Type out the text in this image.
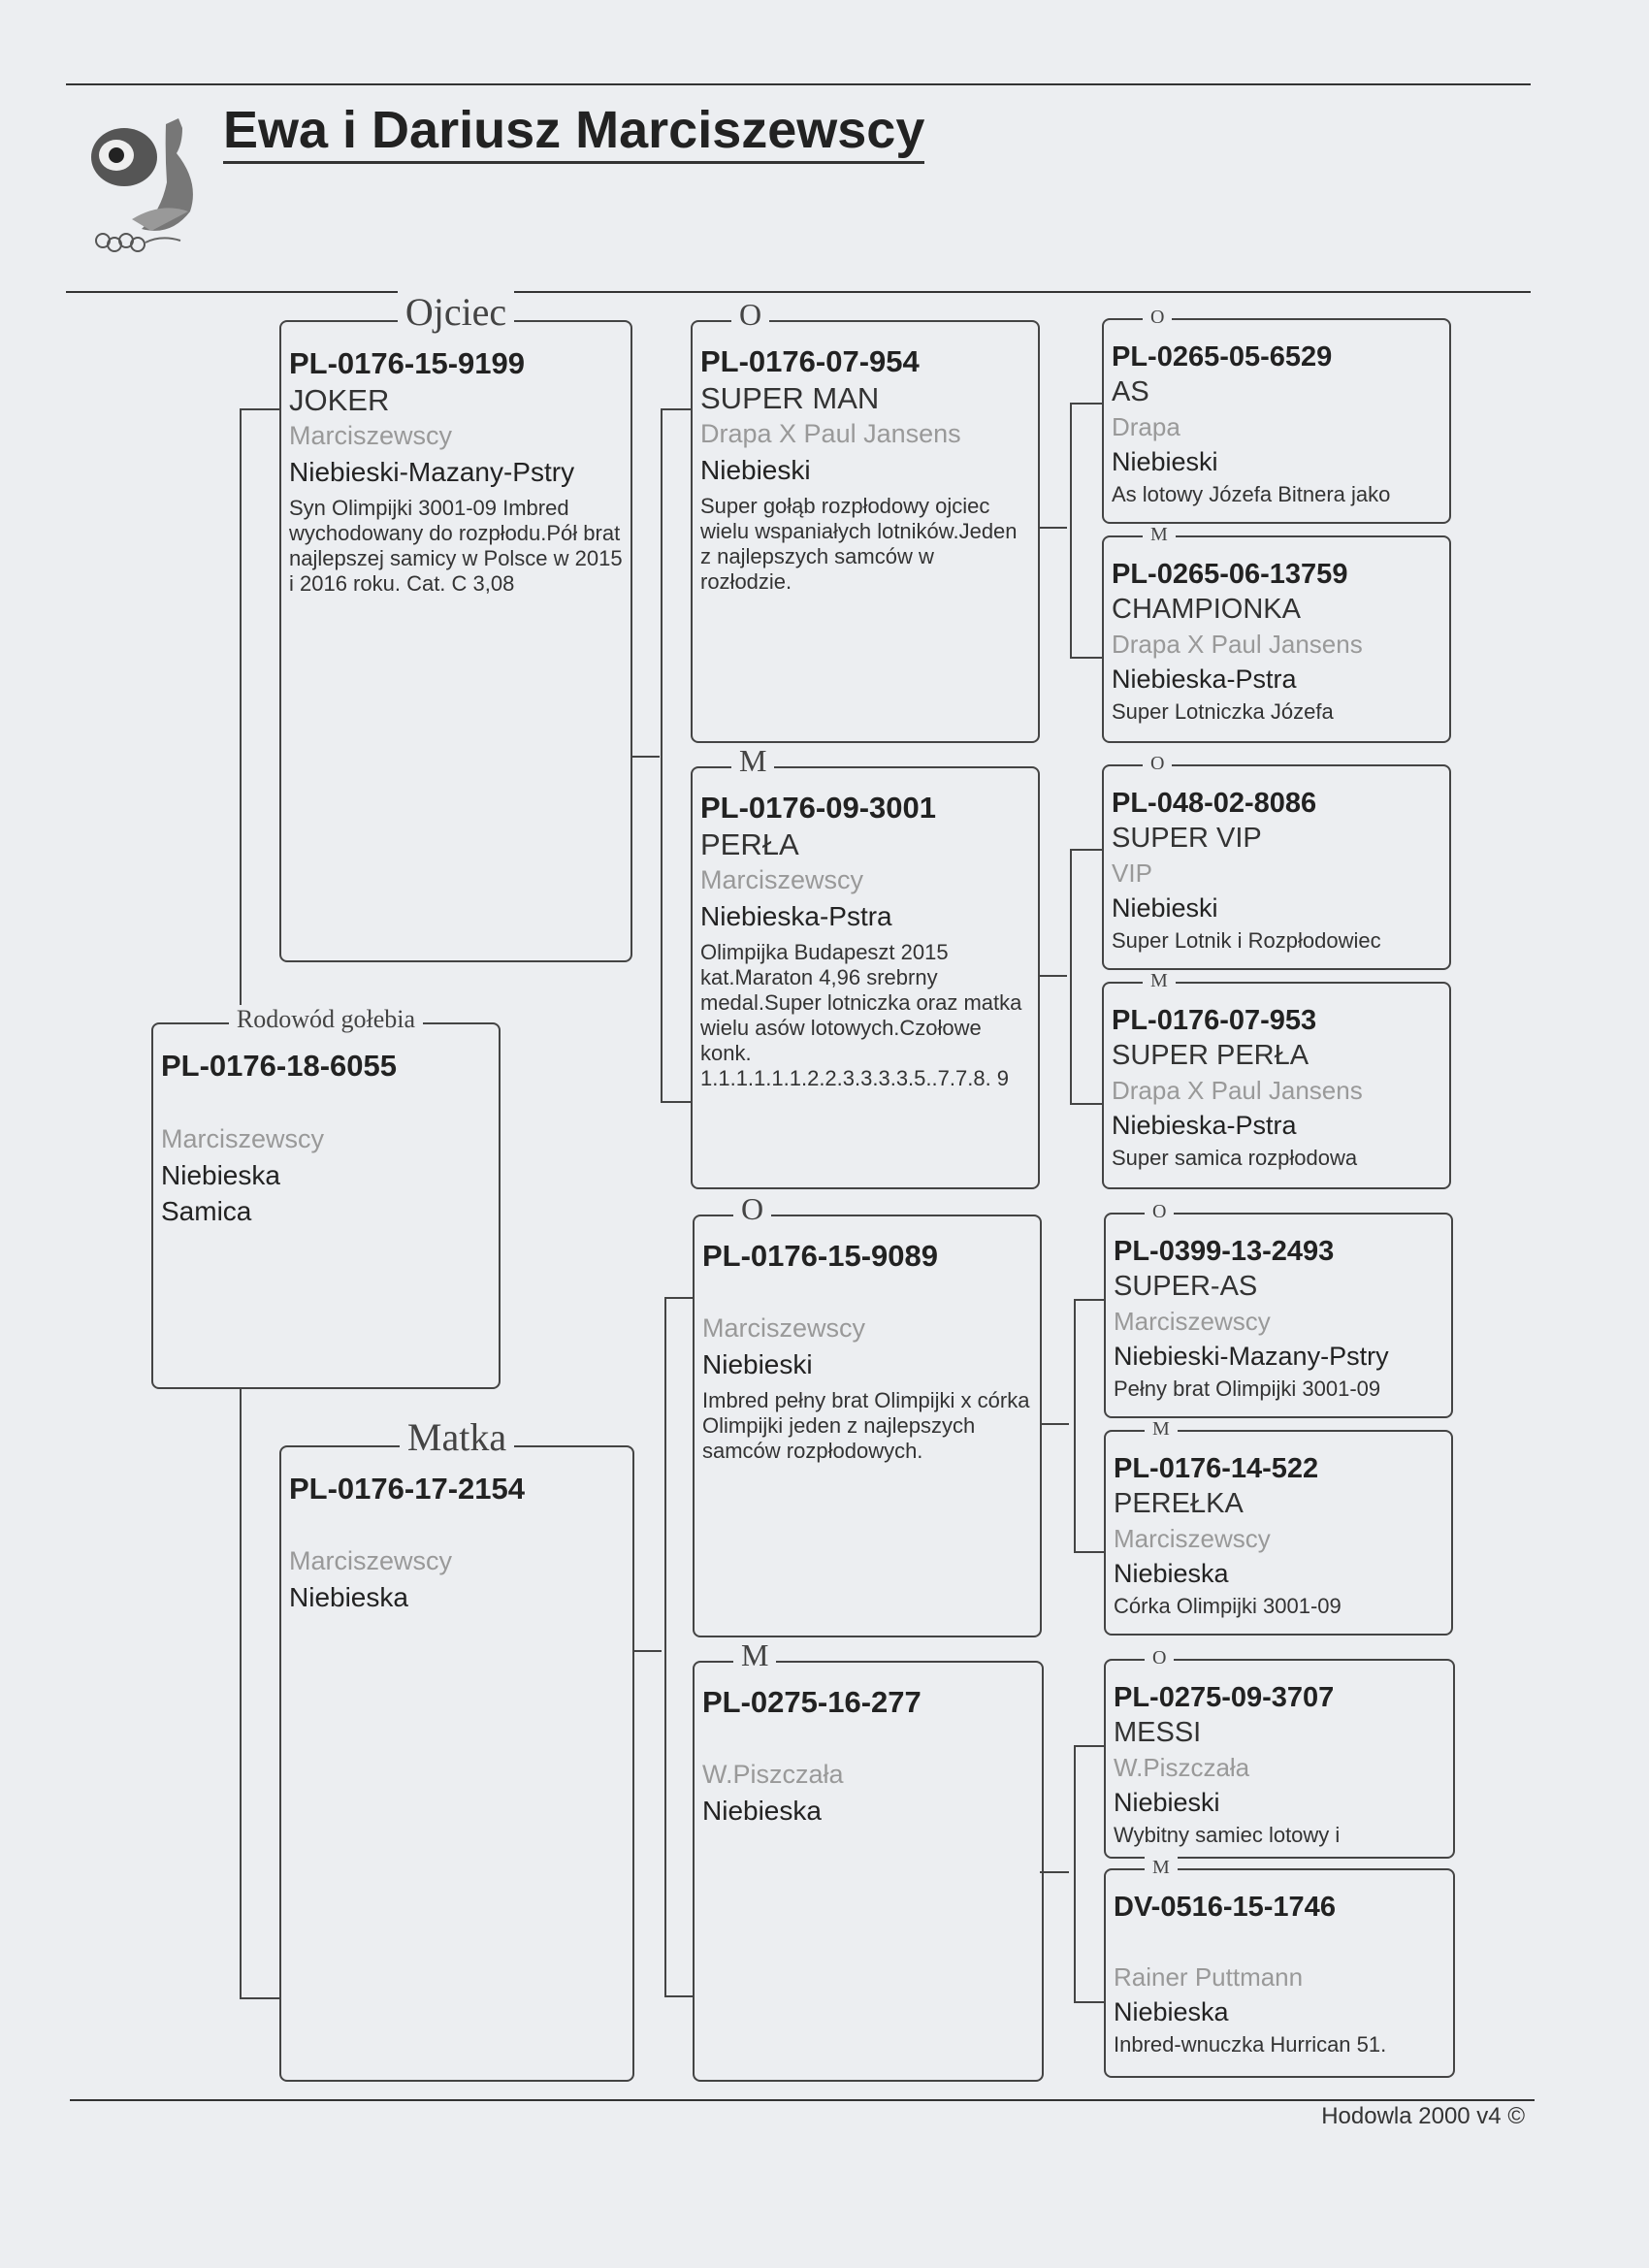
Ewa i Dariusz Marciszewscy
Rodowód gołebia
PL-0176-18-6055
Marciszewscy
Niebieska
Samica
Ojciec
PL-0176-15-9199
JOKER
Marciszewscy
Niebieski-Mazany-Pstry
Syn Olimpijki 3001-09 Imbred wychodowany do rozpłodu.Pół brat najlepszej samicy w Polsce w 2015 i 2016 roku. Cat. C 3,08
Matka
PL-0176-17-2154
Marciszewscy
Niebieska
O
PL-0176-07-954
SUPER MAN
Drapa X Paul Jansens
Niebieski
Super gołąb rozpłodowy ojciec wielu wspaniałych lotników.Jeden z najlepszych samców w rozłodzie.
M
PL-0176-09-3001
PERŁA
Marciszewscy
Niebieska-Pstra
Olimpijka Budapeszt 2015 kat.Maraton 4,96 srebrny medal.Super lotniczka oraz matka wielu asów lotowych.Czołowe konk. 1.1.1.1.1.1.2.2.3.3.3.3.5..7.7.8. 9
O
PL-0176-15-9089
Marciszewscy
Niebieski
Imbred pełny brat Olimpijki x córka Olimpijki jeden z najlepszych samców rozpłodowych.
M
PL-0275-16-277
W.Piszczała
Niebieska
O
PL-0265-05-6529
AS
Drapa
Niebieski
As lotowy Józefa Bitnera jako
M
PL-0265-06-13759
CHAMPIONKA
Drapa X Paul Jansens
Niebieska-Pstra
Super Lotniczka Józefa
O
PL-048-02-8086
SUPER VIP
VIP
Niebieski
Super Lotnik i Rozpłodowiec
M
PL-0176-07-953
SUPER PERŁA
Drapa X Paul Jansens
Niebieska-Pstra
Super samica rozpłodowa
O
PL-0399-13-2493
SUPER-AS
Marciszewscy
Niebieski-Mazany-Pstry
Pełny brat Olimpijki 3001-09
M
PL-0176-14-522
PEREŁKA
Marciszewscy
Niebieska
Córka Olimpijki 3001-09
O
PL-0275-09-3707
MESSI
W.Piszczała
Niebieski
Wybitny samiec lotowy i
M
DV-0516-15-1746
Rainer Puttmann
Niebieska
Inbred-wnuczka Hurrican 51.
Hodowla 2000 v4 ©
